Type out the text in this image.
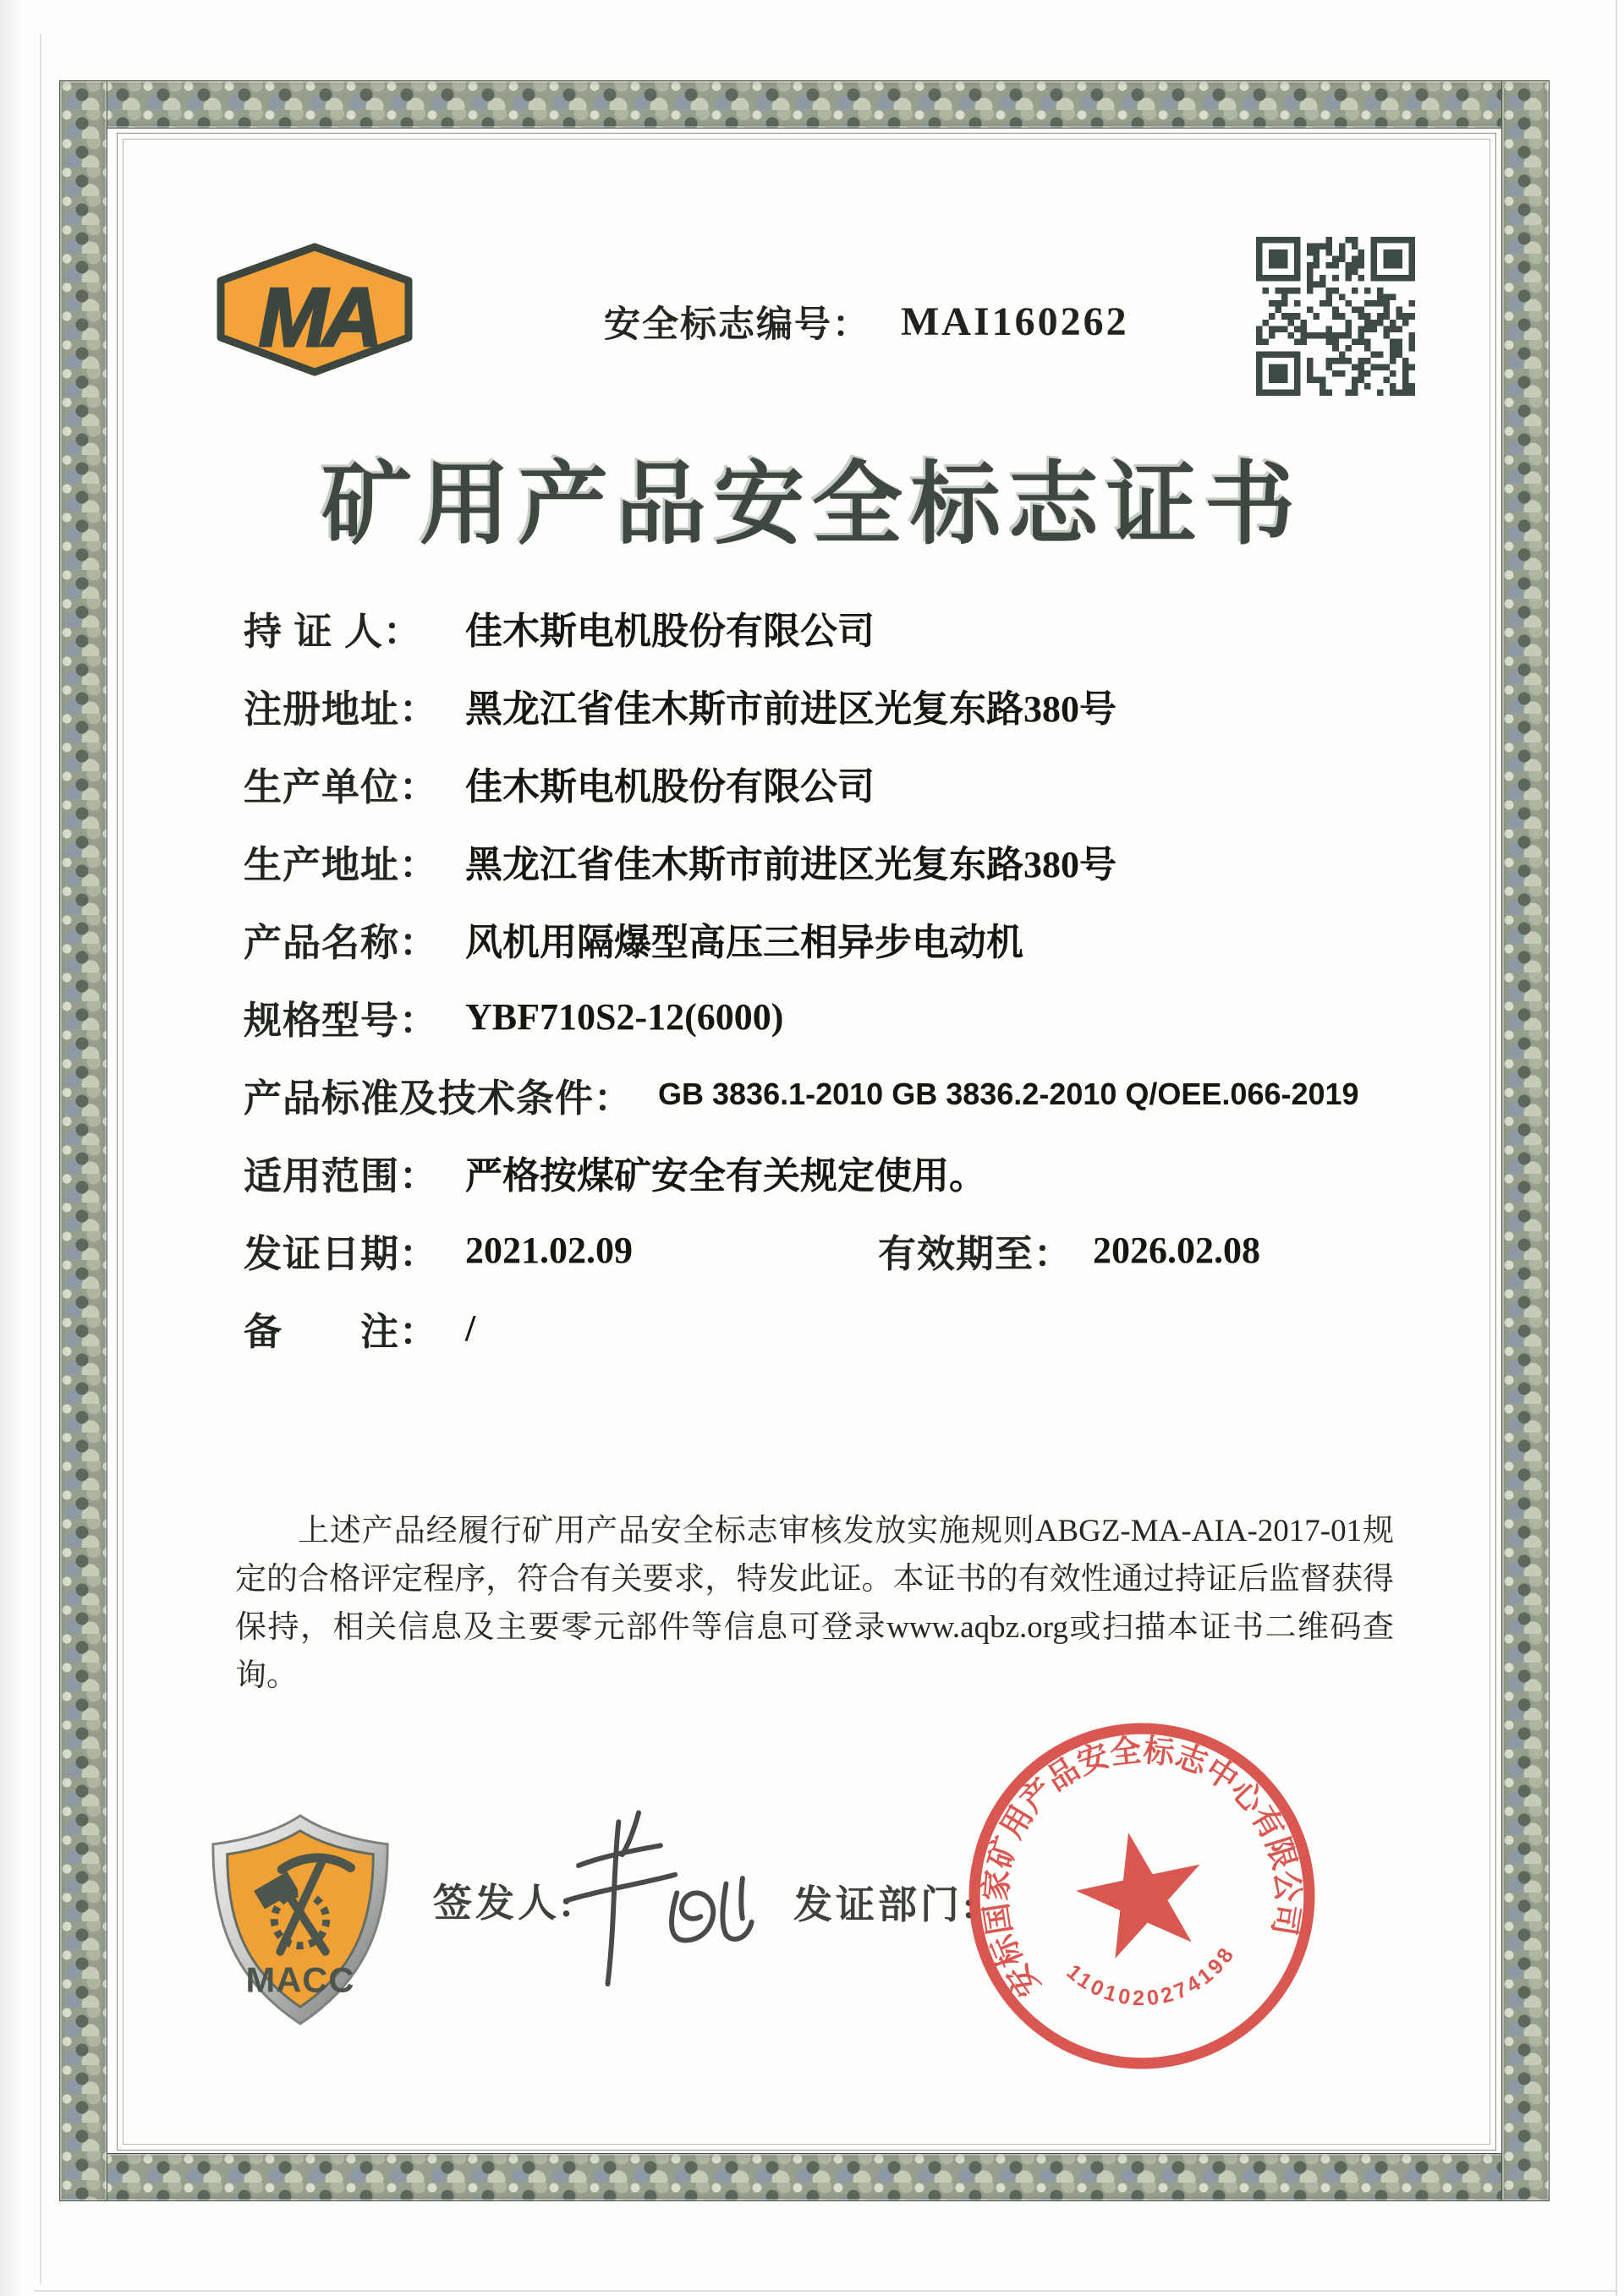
MA	安全标志编号： MAI160262
矿用产品安全标志证书
持 证 人： 佳木斯电机股份有限公司
注册地址： 黑龙江省佳木斯市前进区光复东路380号
生产单位： 佳木斯电机股份有限公司
生产地址： 黑龙江省佳木斯市前进区光复东路380号
产品名称： 风机用隔爆型高压三相异步电动机
规格型号： YBF710S2-12(6000)
产品标准及技术条件： GB 3836.1-2010 GB 3836.2-2010 Q/OEE.066-2019
适用范围： 严格按煤矿安全有关规定使用。
发证日期： 2021.02.09	有效期至： 2026.02.08
备　　注： /

上述产品经履行矿用产品安全标志审核发放实施规则ABGZ-MA-AIA-2017-01规定的合格评定程序，符合有关要求，特发此证。本证书的有效性通过持证后监督获得保持，相关信息及主要零元部件等信息可登录www.aqbz.org或扫描本证书二维码查询。

MACC
签发人:	发证部门:
安标国家矿用产品安全标志中心有限公司
1101020274198
